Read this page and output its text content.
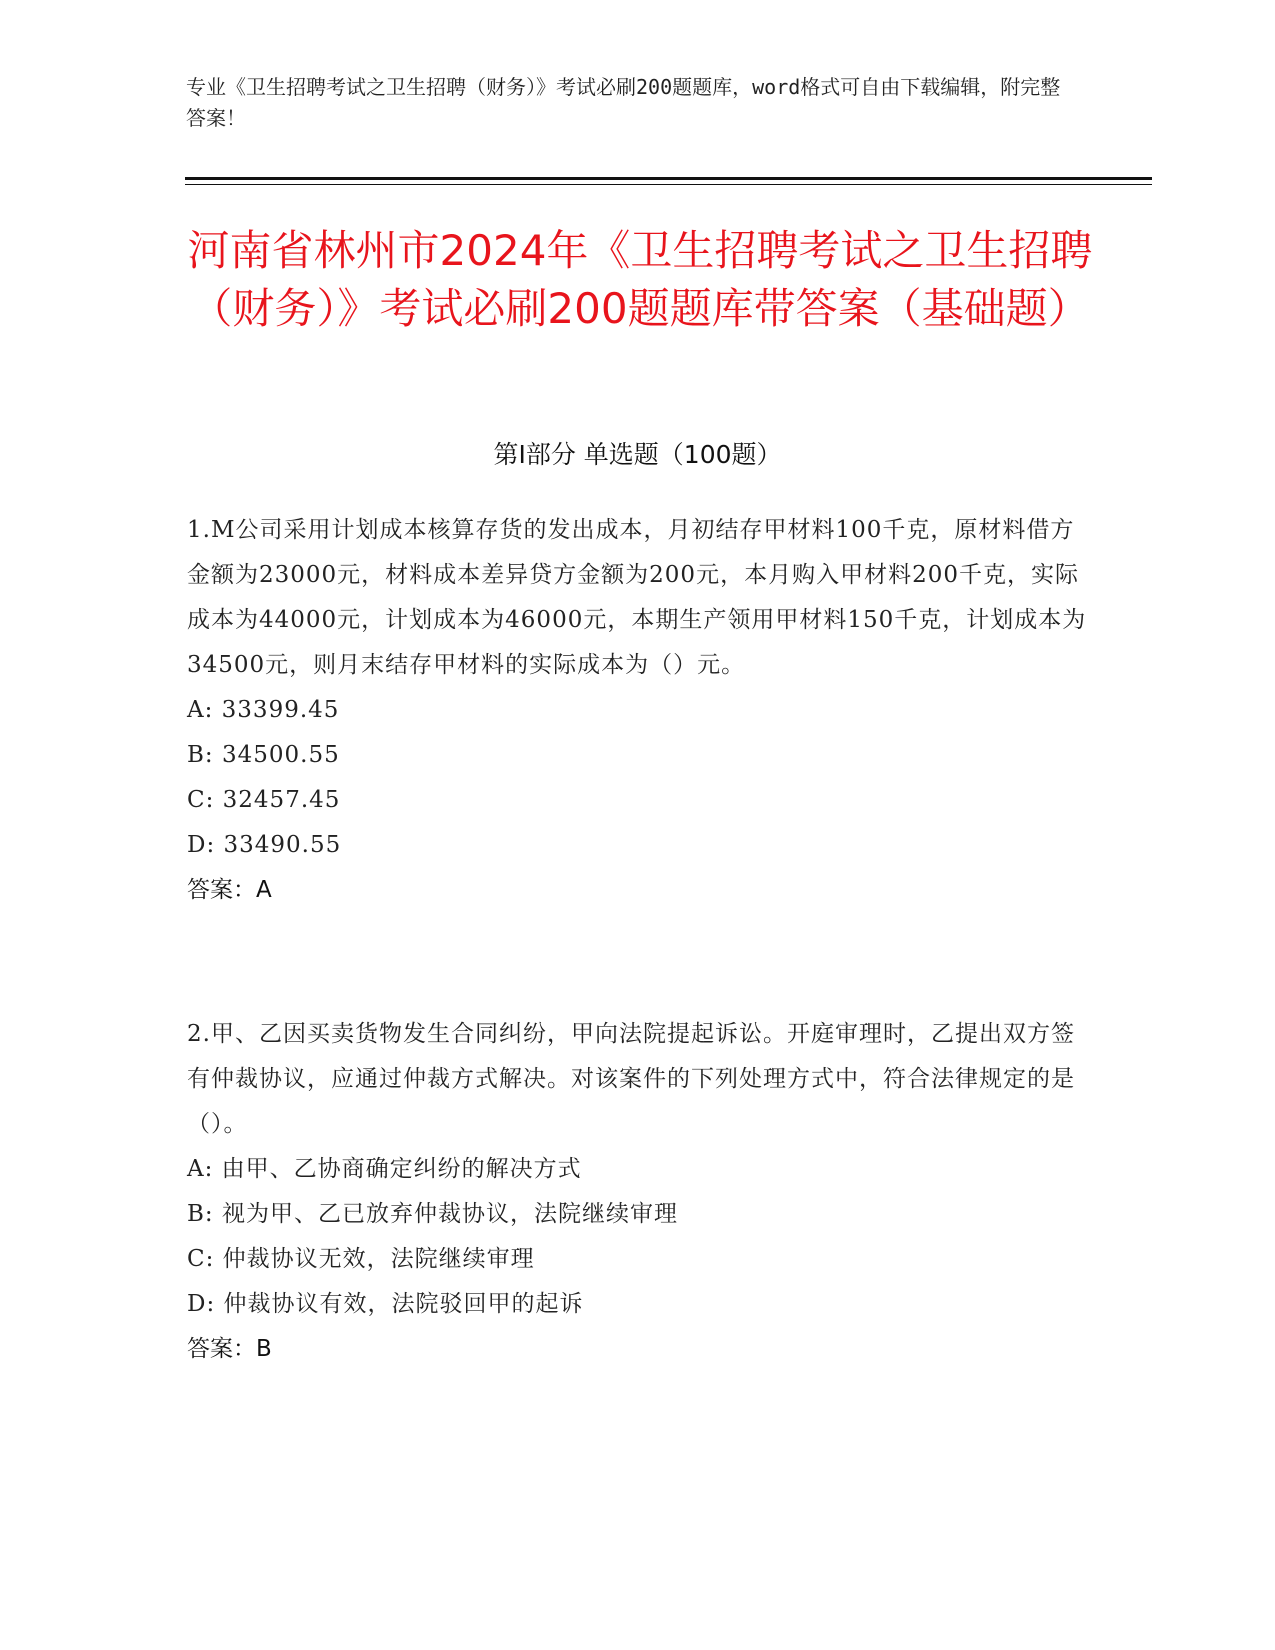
专业《卫生招聘考试之卫生招聘（财务）》考试必刷200题题库，word格式可自由下载编辑，附完整答案！
河南省林州市2024年《卫生招聘考试之卫生招聘（财务）》考试必刷200题题库带答案（基础题）
第Ⅰ部分 单选题（100题）
1.M公司采用计划成本核算存货的发出成本，月初结存甲材料100千克，原材料借方金额为23000元，材料成本差异贷方金额为200元，本月购入甲材料200千克，实际成本为44000元，计划成本为46000元，本期生产领用甲材料150千克，计划成本为34500元，则月末结存甲材料的实际成本为（）元。
A: 33399.45
B: 34500.55
C: 32457.45
D: 33490.55
答案：A
2.甲、乙因买卖货物发生合同纠纷，甲向法院提起诉讼。开庭审理时，乙提出双方签有仲裁协议，应通过仲裁方式解决。对该案件的下列处理方式中，符合法律规定的是（）。
A: 由甲、乙协商确定纠纷的解决方式
B: 视为甲、乙已放弃仲裁协议，法院继续审理
C: 仲裁协议无效，法院继续审理
D: 仲裁协议有效，法院驳回甲的起诉
答案：B
